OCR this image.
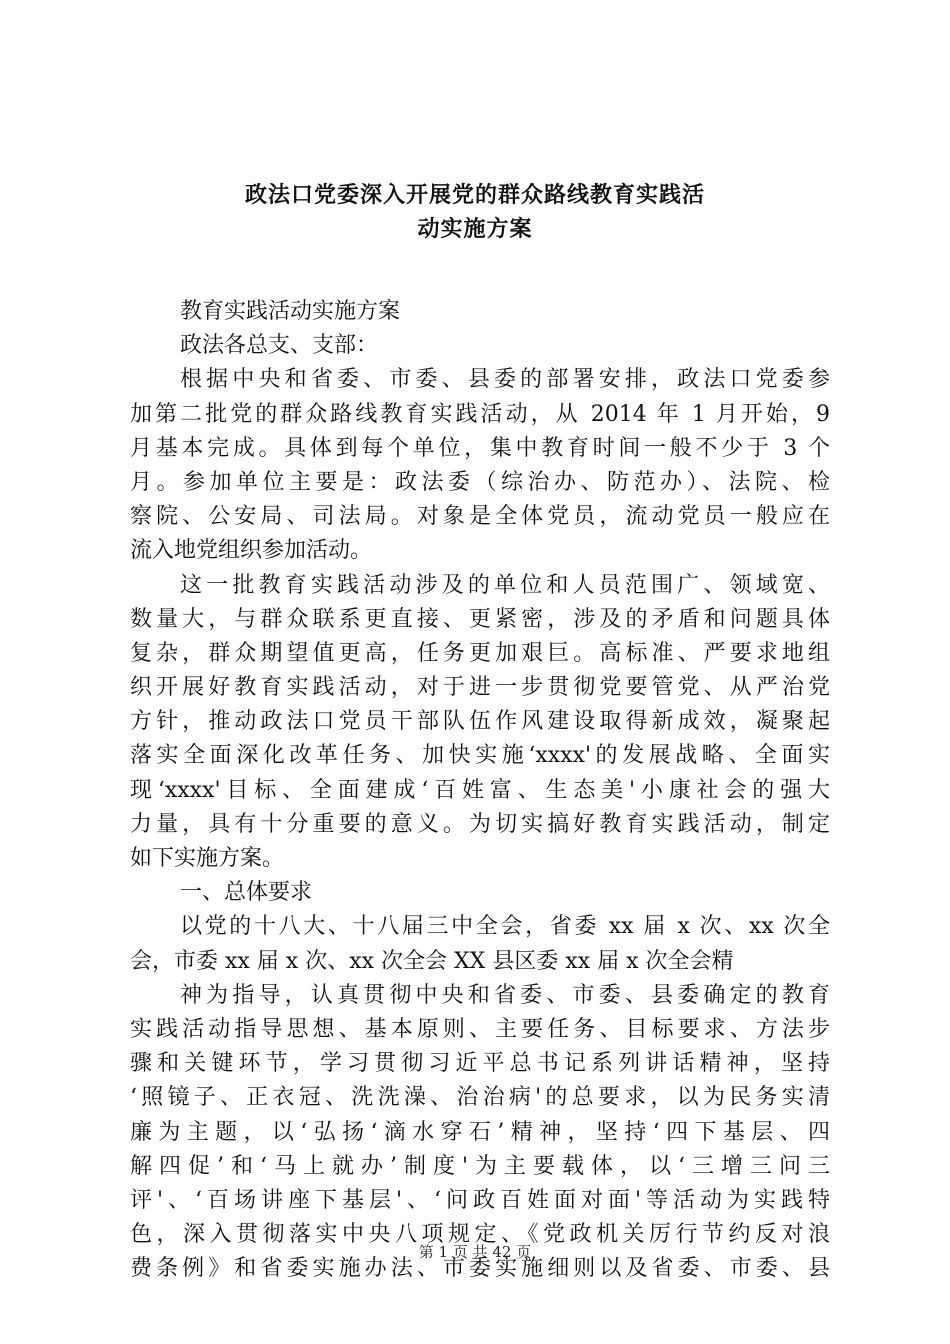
政法口党委深入开展党的群众路线教育实践活
动实施方案
教育实践活动实施方案
政法各总支、支部：
根据中央和省委、市委、县委的部署安排，政法口党委参
加第二批党的群众路线教育实践活动，从 2014 年 1 月开始，9
月基本完成。具体到每个单位，集中教育时间一般不少于 3 个
月。参加单位主要是：政法委（综治办、防范办）、法院、检
察院、公安局、司法局。对象是全体党员，流动党员一般应在
流入地党组织参加活动。
这一批教育实践活动涉及的单位和人员范围广、领域宽、
数量大，与群众联系更直接、更紧密，涉及的矛盾和问题具体
复杂，群众期望值更高，任务更加艰巨。高标准、严要求地组
织开展好教育实践活动，对于进一步贯彻党要管党、从严治党
方针，推动政法口党员干部队伍作风建设取得新成效，凝聚起
落实全面深化改革任务、加快实施‘xxxx'的发展战略、全面实
现‘xxxx'目标、全面建成‘百姓富、生态美'小康社会的强大
力量，具有十分重要的意义。为切实搞好教育实践活动，制定
如下实施方案。
一、总体要求
以党的十八大、十八届三中全会，省委 xx 届 x 次、xx 次全
会，市委 xx 届 x 次、xx 次全会 XX 县区委 xx 届 x 次全会精
神为指导，认真贯彻中央和省委、市委、县委确定的教育
实践活动指导思想、基本原则、主要任务、目标要求、方法步
骤和关键环节，学习贯彻习近平总书记系列讲话精神，坚持
‘照镜子、正衣冠、洗洗澡、治治病'的总要求，以为民务实清
廉为主题，以‘弘扬‘滴水穿石’精神，坚持‘四下基层、四
解四促’和‘马上就办’制度'为主要载体，以‘三增三问三
评'、‘百场讲座下基层'、‘问政百姓面对面'等活动为实践特
色，深入贯彻落实中央八项规定、《党政机关厉行节约反对浪
费条例》和省委实施办法、市委实施细则以及省委、市委、县
第 1 页 共 42 页
